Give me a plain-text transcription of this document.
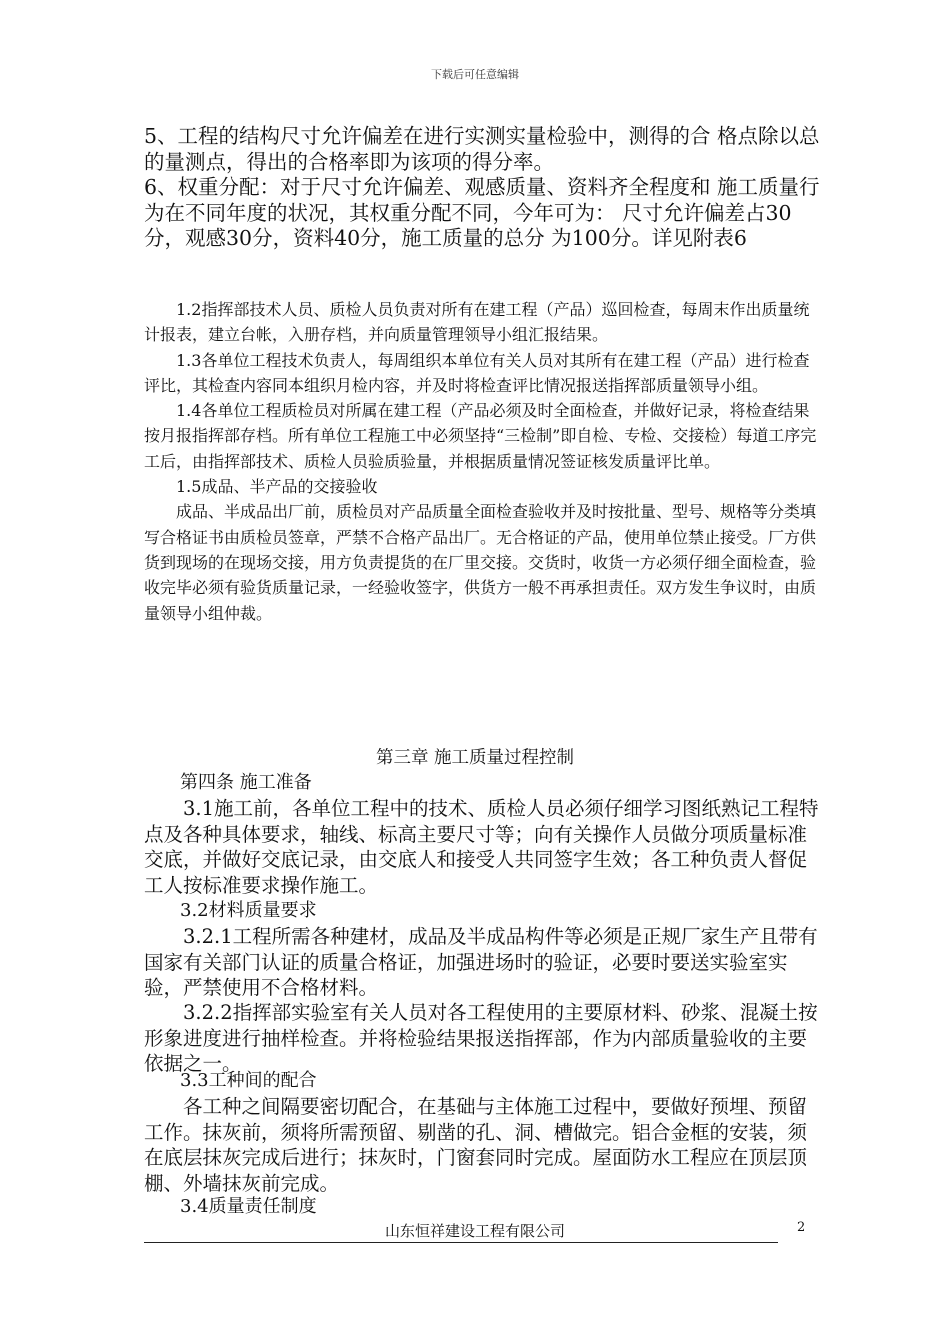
下载后可任意编辑

5、工程的结构尺寸允许偏差在进行实测实量检验中，测得的合 格点除以总的量测点，得出的合格率即为该项的得分率。

6、权重分配：对于尺寸允许偏差、观感质量、资料齐全程度和 施工质量行为在不同年度的状况，其权重分配不同，今年可为： 尺寸允许偏差占30分，观感30分，资料40分，施工质量的总分 为100分。详见附表6

1.2指挥部技术人员、质检人员负责对所有在建工程（产品）巡回检查，每周末作出质量统计报表，建立台帐，入册存档，并向质量管理领导小组汇报结果。

1.3各单位工程技术负责人，每周组织本单位有关人员对其所有在建工程（产品）进行检查评比，其检查内容同本组织月检内容，并及时将检查评比情况报送指挥部质量领导小组。

1.4各单位工程质检员对所属在建工程（产品必须及时全面检查，并做好记录，将检查结果按月报指挥部存档。所有单位工程施工中必须坚持“三检制”即自检、专检、交接检）每道工序完工后，由指挥部技术、质检人员验质验量，并根据质量情况签证核发质量评比单。

1.5成品、半产品的交接验收

成品、半成品出厂前，质检员对产品质量全面检查验收并及时按批量、型号、规格等分类填写合格证书由质检员签章，严禁不合格产品出厂。无合格证的产品，使用单位禁止接受。厂方供货到现场的在现场交接，用方负责提货的在厂里交接。交货时，收货一方必须仔细全面检查，验收完毕必须有验货质量记录，一经验收签字，供货方一般不再承担责任。双方发生争议时，由质量领导小组仲裁。

第三章 施工质量过程控制

第四条 施工准备

3.1施工前，各单位工程中的技术、质检人员必须仔细学习图纸熟记工程特点及各种具体要求，轴线、标高主要尺寸等；向有关操作人员做分项质量标准交底，并做好交底记录，由交底人和接受人共同签字生效；各工种负责人督促工人按标准要求操作施工。

3.2材料质量要求

3.2.1工程所需各种建材，成品及半成品构件等必须是正规厂家生产且带有国家有关部门认证的质量合格证，加强进场时的验证，必要时要送实验室实验，严禁使用不合格材料。

3.2.2指挥部实验室有关人员对各工程使用的主要原材料、砂浆、混凝土按形象进度进行抽样检查。并将检验结果报送指挥部，作为内部质量验收的主要依据之一。

3.3工种间的配合

各工种之间隔要密切配合，在基础与主体施工过程中，要做好预埋、预留工作。抹灰前，须将所需预留、剔凿的孔、洞、槽做完。铝合金框的安装，须在底层抹灰完成后进行；抹灰时，门窗套同时完成。屋面防水工程应在顶层顶棚、外墙抹灰前完成。

3.4质量责任制度

山东恒祥建设工程有限公司	2
